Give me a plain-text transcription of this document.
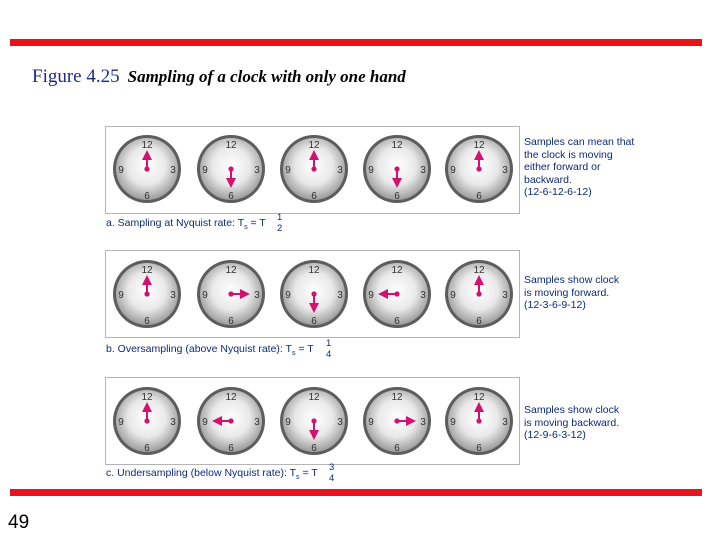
Figure 4.25 Sampling of a clock with only one hand
12
3
6
9
12
3
6
9
12
3
6
9
12
3
6
9
12
3
6
9
12
3
6
9
12
3
6
9
12
3
6
9
12
3
6
9
12
3
6
9
12
3
6
9
12
3
6
9
12
3
6
9
12
3
6
9
12
3
6
9
a. Sampling at Nyquist rate: $T_s = T$ 1
2
b. Oversampling (above Nyquist rate): $T_s = T$ 1
4
c. Undersampling (below Nyquist rate): $T_s = T$ 3
4
Samples can mean that
the clock is moving
either forward or
backward.
(12-6-12-6-12)
Samples show clock
is moving forward.
(12-3-6-9-12)
Samples show clock
is moving backward.
(12-9-6-3-12)
49
